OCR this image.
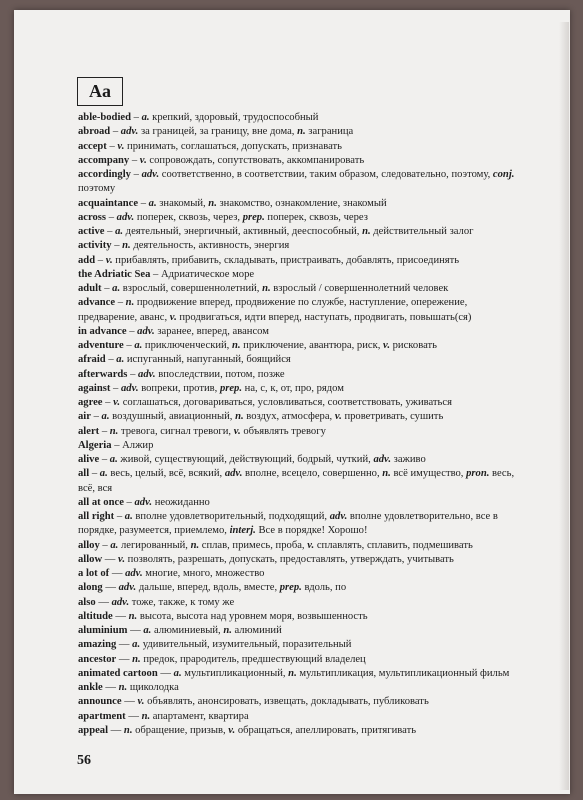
Aa

able-bodied – a. крепкий, здоровый, трудоспособный

abroad – adv. за границей, за границу, вне дома, n. заграница

accept – v. принимать, соглашаться, допускать, признавать

accompany – v. сопровождать, сопутствовать, аккомпанировать

accordingly – adv. соответственно, в соответствии, таким образом, следовательно, поэтому, conj. поэтому

acquaintance – a. знакомый, n. знакомство, ознакомление, знакомый

across – adv. поперек, сквозь, через, prep. поперек, сквозь, через

active – a. деятельный, энергичный, активный, дееспособный, n. действительный залог

activity – n. деятельность, активность, энергия

add – v. прибавлять, прибавить, складывать, пристраивать, добавлять, присоединять

the Adriatic Sea – Адриатическое море

adult – a. взрослый, совершеннолетний, n. взрослый / совершеннолетний человек

advance – n. продвижение вперед, продвижение по службе, наступление, опережение, предварение, аванс, v. продвигаться, идти вперед, наступать, продвигать, повышать(ся)

in advance – adv. заранее, вперед, авансом

adventure – a. приключенческий, n. приключение, авантюра, риск, v. рисковать

afraid – a. испуганный, напуганный, боящийся

afterwards – adv. впоследствии, потом, позже

against – adv. вопреки, против, prep. на, с, к, от, про, рядом

agree – v. соглашаться, договариваться, условливаться, соответствовать, уживаться

air – a. воздушный, авиационный, n. воздух, атмосфера, v. проветривать, сушить

alert – n. тревога, сигнал тревоги, v. объявлять тревогу

Algeria – Алжир

alive – a. живой, существующий, действующий, бодрый, чуткий, adv. заживо

all – a. весь, целый, всё, всякий, adv. вполне, всецело, совершенно, n. всё имущество, pron. весь, всё, вся

all at once – adv. неожиданно

all right – a. вполне удовлетворительный, подходящий, adv. вполне удовлетворительно, все в порядке, разумеется, приемлемо, interj. Все в порядке! Хорошо!

alloy – a. легированный, n. сплав, примесь, проба, v. сплавлять, сплавить, подмешивать

allow — v. позволять, разрешать, допускать, предоставлять, утверждать, учитывать

a lot of — adv. многие, много, множество

along — adv. дальше, вперед, вдоль, вместе, prep. вдоль, по

also — adv. тоже, также, к тому же

altitude — n. высота, высота над уровнем моря, возвышенность

aluminium — a. алюминиевый, n. алюминий

amazing — a. удивительный, изумительный, поразительный

ancestor — n. предок, прародитель, предшествующий владелец

animated cartoon — a. мультипликационный, n. мультипликация, мультипликационный фильм

ankle — n. щиколодка

announce — v. объявлять, анонсировать, извещать, докладывать, публиковать

apartment — n. апартамент, квартира

appeal — n. обращение, призыв, v. обращаться, апеллировать, притягивать

56
